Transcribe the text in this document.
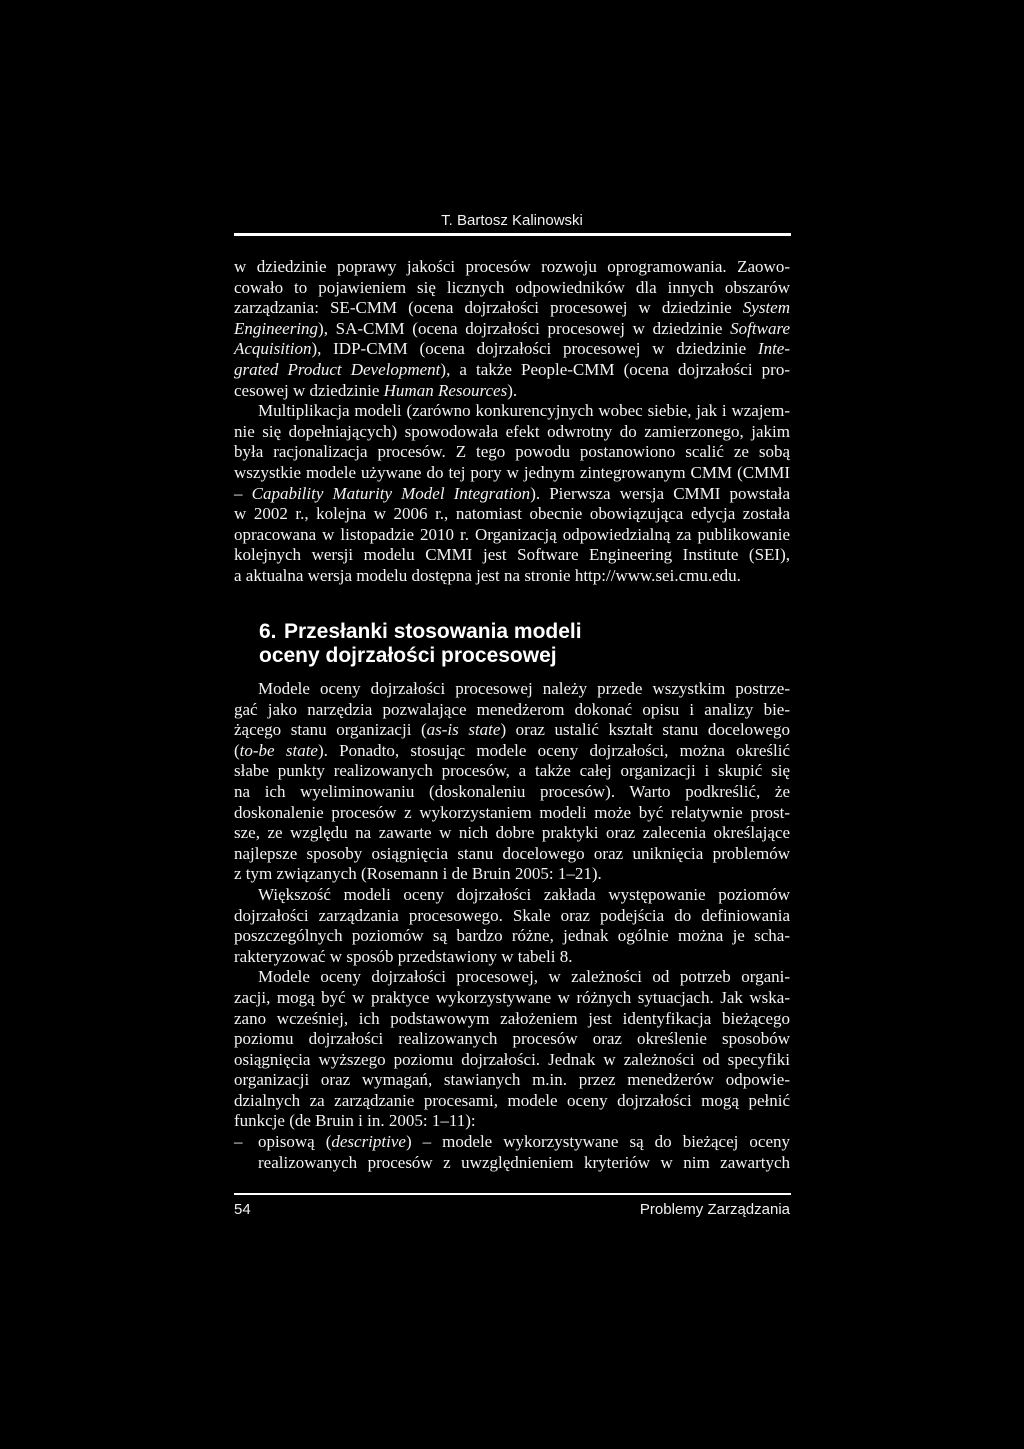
T. Bartosz Kalinowski
w dziedzinie poprawy jakości procesów rozwoju oprogramowania. Zaowo-
cowało to pojawieniem się licznych odpowiedników dla innych obszarów
zarządzania: SE-CMM (ocena dojrzałości procesowej w dziedzinie System
Engineering), SA-CMM (ocena dojrzałości procesowej w dziedzinie Software
Acquisition), IDP-CMM (ocena dojrzałości procesowej w dziedzinie Inte-
grated Product Development), a także People-CMM (ocena dojrzałości pro-
cesowej w dziedzinie Human Resources).
Multiplikacja modeli (zarówno konkurencyjnych wobec siebie, jak i wzajem-
nie się dopełniających) spowodowała efekt odwrotny do zamierzonego, jakim
była racjonalizacja procesów. Z tego powodu postanowiono scalić ze sobą
wszystkie modele używane do tej pory w jednym zintegrowanym CMM (CMMI
– Capability Maturity Model Integration). Pierwsza wersja CMMI powstała
w 2002 r., kolejna w 2006 r., natomiast obecnie obowiązująca edycja została
opracowana w listopadzie 2010 r. Organizacją odpowiedzialną za publikowanie
kolejnych wersji modelu CMMI jest Software Engineering Institute (SEI),
a aktualna wersja modelu dostępna jest na stronie http://www.sei.cmu.edu.
6. Przesłanki stosowania modeli
oceny dojrzałości procesowej
Modele oceny dojrzałości procesowej należy przede wszystkim postrze-
gać jako narzędzia pozwalające menedżerom dokonać opisu i analizy bie-
żącego stanu organizacji (as-is state) oraz ustalić kształt stanu docelowego
(to-be state). Ponadto, stosując modele oceny dojrzałości, można określić
słabe punkty realizowanych procesów, a także całej organizacji i skupić się
na ich wyeliminowaniu (doskonaleniu procesów). Warto podkreślić, że
doskonalenie procesów z wykorzystaniem modeli może być relatywnie prost-
sze, ze względu na zawarte w nich dobre praktyki oraz zalecenia określające
najlepsze sposoby osiągnięcia stanu docelowego oraz uniknięcia problemów
z tym związanych (Rosemann i de Bruin 2005: 1–21).
Większość modeli oceny dojrzałości zakłada występowanie poziomów
dojrzałości zarządzania procesowego. Skale oraz podejścia do definiowania
poszczególnych poziomów są bardzo różne, jednak ogólnie można je scha-
rakteryzować w sposób przedstawiony w tabeli 8.
Modele oceny dojrzałości procesowej, w zależności od potrzeb organi-
zacji, mogą być w praktyce wykorzystywane w różnych sytuacjach. Jak wska-
zano wcześniej, ich podstawowym założeniem jest identyfikacja bieżącego
poziomu dojrzałości realizowanych procesów oraz określenie sposobów
osiągnięcia wyższego poziomu dojrzałości. Jednak w zależności od specyfiki
organizacji oraz wymagań, stawianych m.in. przez menedżerów odpowie-
dzialnych za zarządzanie procesami, modele oceny dojrzałości mogą pełnić
funkcje (de Bruin i in. 2005: 1–11):
– opisową (descriptive) – modele wykorzystywane są do bieżącej oceny
realizowanych procesów z uwzględnieniem kryteriów w nim zawartych
54	Problemy Zarządzania
